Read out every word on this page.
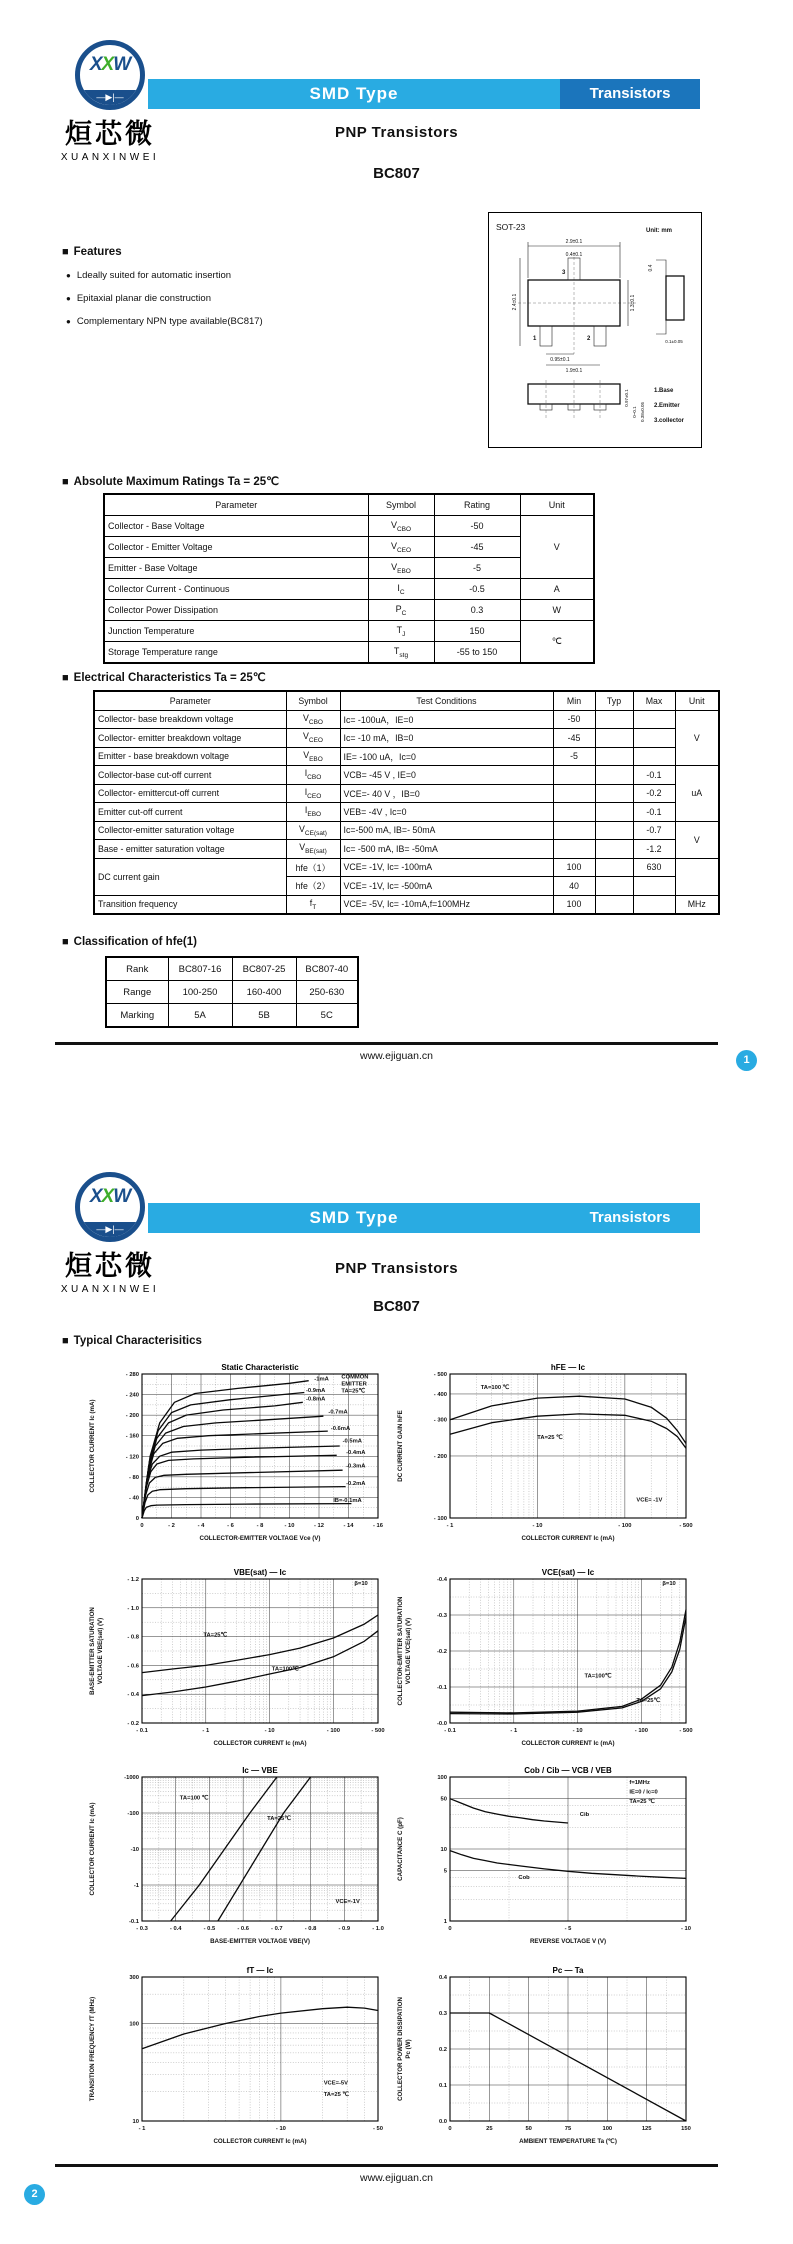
XXW
—▶|—
烜芯微
XUANXINWEI
SMD Type	Transistors
PNP Transistors
BC807
■ Features
● Ldeally suited for automatic insertion
● Epitaxial planar die construction
● Complementary NPN type available(BC817)
SOT-23	Unit: mm
2.9±0.1
0.4±0.1
2.4±0.1	1.3±0.1
3
1	2
0.95±0.1
1.9±0.1
0.4
0.1±0.05
0.97±0.1
0~0.1 0.38±0.05
1.Base
2.Emitter
3.collector
■ Absolute Maximum Ratings Ta = 25℃
Parameter	Symbol	Rating	Unit
Collector - Base Voltage	$V_{CBO}$	-50	V
Collector - Emitter Voltage	$V_{CEO}$	-45	
Emitter - Base Voltage	$V_{EBO}$	-5	
Collector Current - Continuous	$I_C$	-0.5	A
Collector Power Dissipation	$P_C$	0.3	W
Junction Temperature	$T_J$	150	℃
Storage Temperature range	$T_{stg}$	-55 to 150	
■ Electrical Characteristics Ta = 25℃
Parameter	Symbol	Test Conditions	Min	Typ	Max	Unit
Collector- base breakdown voltage	$V_{CBO}$	Ic= -100uA，IE=0	-50			V
Collector- emitter breakdown voltage	$V_{CEO}$	Ic= -10 mA，IB=0	-45			
Emitter - base breakdown voltage	$V_{EBO}$	IE= -100 uA，Ic=0	-5			
Collector-base cut-off current	$I_{CBO}$	VCB= -45 V , IE=0			-0.1	uA
Collector- emittercut-off current	$I_{CEO}$	VCE=- 40 V ，IB=0			-0.2	
Emitter cut-off current	$I_{EBO}$	VEB= -4V , Ic=0			-0.1	
Collector-emitter saturation voltage	$V_{CE(sat)}$	Ic=-500 mA, IB=- 50mA			-0.7	V
Base - emitter saturation voltage	$V_{BE(sat)}$	Ic= -500 mA, IB= -50mA			-1.2	
DC current gain	hfe（1）	VCE= -1V, Ic= -100mA	100		630	
	hfe（2）	VCE= -1V, Ic= -500mA	40			
Transition frequency	$f_T$	VCE= -5V, Ic= -10mA,f=100MHz	100			MHz
■ Classification of hfe(1)
Rank	BC807-16	BC807-25	BC807-40
Range	100-250	160-400	250-630
Marking	5A	5B	5C
www.ejiguan.cn	1
XXW
—▶|—
烜芯微
XUANXINWEI
SMD Type	Transistors
PNP Transistors
BC807
■ Typical Characterisitics
0	- 2	- 4	- 6	- 8	- 10	- 12	- 14	- 16
0
- 40
- 80
- 120
- 160
- 200
- 240
- 280
Static Characteristic
COLLECTOR-EMITTER VOLTAGE Vce (V)
COLLECTOR CURRENT Ic (mA)
COMMON
EMITTER
TA=25℃
-1mA
-0.9mA
-0.8mA
-0.7mA
-0.6mA
-0.5mA
-0.4mA
-0.3mA
-0.2mA
IB=-0.1mA
- 1	- 10	- 100	- 500
- 100
- 200
- 300
- 400
- 500
hFE — Ic
COLLECTOR CURRENT Ic (mA)
DC CURRENT GAIN hFE
TA=100 ℃
TA=25 ℃
VCE= -1V
- 0.1	- 1	- 10	- 100	- 500
- 0.2
- 0.4
- 0.6
- 0.8
- 1.0
- 1.2
VBE(sat) — Ic
COLLECTOR CURRENT Ic (mA)
BASE-EMITTER SATURATION VOLTAGE VBE(sat) (V)
β=10
TA=25℃
TA=100℃
- 0.1	- 1	- 10	- 100	- 500
-0.0
-0.1
-0.2
-0.3
-0.4
VCE(sat) — Ic
COLLECTOR CURRENT Ic (mA)
COLLECTOR-EMITTER SATURATION VOLTAGE VCE(sat) (V)
β=10
TA=100℃
TA=25℃
- 0.3	- 0.4	- 0.5	- 0.6	- 0.7	- 0.8	- 0.9	- 1.0
-0.1
-1
-10
-100
-1000
Ic — VBE
BASE-EMITTER VOLTAGE VBE(V)
COLLECTOR CURRENT Ic (mA)
TA=100 ℃
TA=25℃
VCE=-1V
0	- 5	- 10
1
5
10
50
100
Cob / Cib — VCB / VEB
REVERSE VOLTAGE V (V)
CAPACITANCE C (pF)
f=1MHz
IE=0 / Ic=0
TA=25 ℃
Cib
Cob
- 1	- 10	- 50
10
100
300
fT — Ic
COLLECTOR CURRENT Ic (mA)
TRANSITION FREQUENCY fT (MHz)	VCE=-5V
TA=25 ℃
0	25	50	75	100	125	150
0.0
0.1
0.2
0.3
0.4
Pc — Ta
AMBIENT TEMPERATURE Ta (℃)
COLLECTOR POWER DISSIPATION Pc (W)
www.ejiguan.cn
2
